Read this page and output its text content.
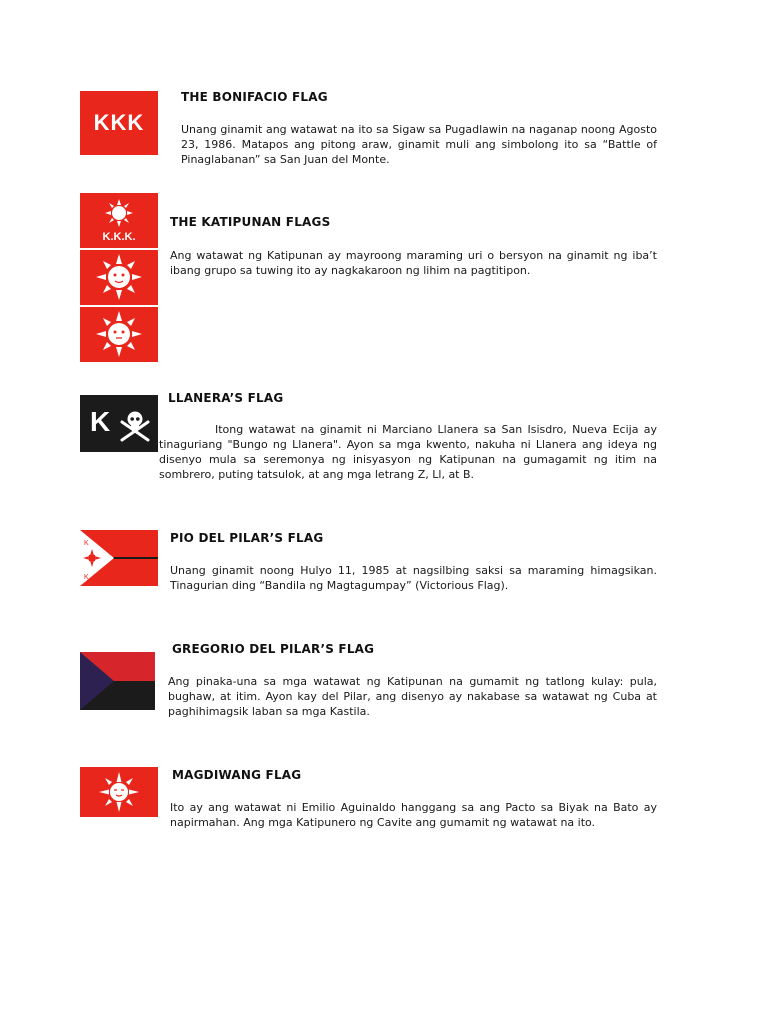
KKK
THE BONIFACIO FLAG
Unang ginamit ang watawat na ito sa Sigaw sa Pugadlawin na naganap noong Agosto 23, 1986. Matapos ang pitong araw, ginamit muli ang simbolong ito sa “Battle of Pinaglabanan” sa San Juan del Monte.
K.K.K.
THE KATIPUNAN FLAGS
Ang watawat ng Katipunan ay mayroong maraming uri o bersyon na ginamit ng iba’t ibang grupo sa tuwing ito ay nagkakaroon ng lihim na pagtitipon.
K
LLANERA’S FLAG
Itong watawat na ginamit ni Marciano Llanera sa San Isisdro, Nueva Ecija ay tinaguriang "Bungo ng Llanera". Ayon sa mga kwento, nakuha ni Llanera ang ideya ng disenyo mula sa seremonya ng inisyasyon ng Katipunan na gumagamit ng itim na sombrero, puting tatsulok, at ang mga letrang Z, Ll, at B.
K
K
PIO DEL PILAR’S FLAG
Unang ginamit noong Hulyo 11, 1985 at nagsilbing saksi sa maraming himagsikan. Tinagurian ding “Bandila ng Magtagumpay” (Victorious Flag).
GREGORIO DEL PILAR’S FLAG
Ang pinaka-una sa mga watawat ng Katipunan na gumamit ng tatlong kulay: pula, bughaw, at itim. Ayon kay del Pilar, ang disenyo ay nakabase sa watawat ng Cuba at paghihimagsik laban sa mga Kastila.
MAGDIWANG FLAG
Ito ay ang watawat ni Emilio Aguinaldo hanggang sa ang Pacto sa Biyak na Bato ay napirmahan. Ang mga Katipunero ng Cavite ang gumamit ng watawat na ito.
